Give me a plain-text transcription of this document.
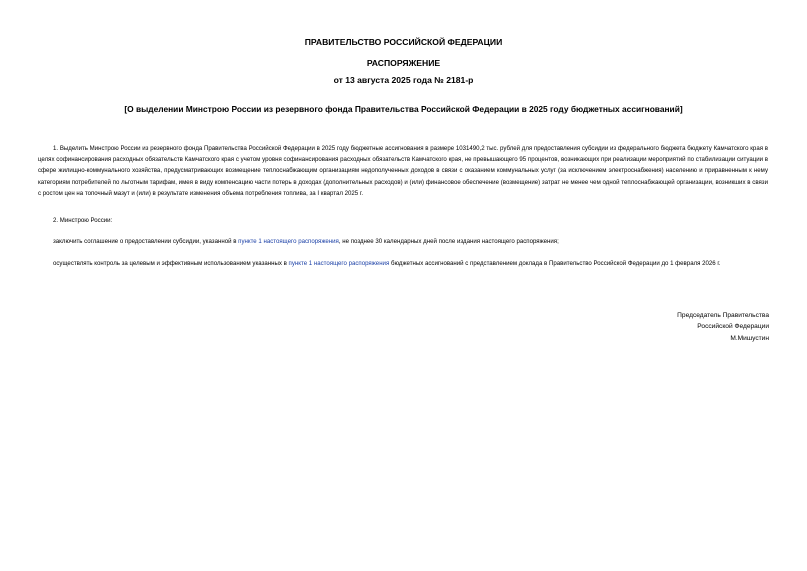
ПРАВИТЕЛЬСТВО РОССИЙСКОЙ ФЕДЕРАЦИИ
РАСПОРЯЖЕНИЕ
от 13 августа 2025 года № 2181-р
[О выделении Минстрою России из резервного фонда Правительства Российской Федерации в 2025 году бюджетных ассигнований]
1. Выделить Минстрою России из резервного фонда Правительства Российской Федерации в 2025 году бюджетные ассигнования в размере 1031490,2 тыс. рублей для предоставления субсидии из федерального бюджета бюджету Камчатского края в целях софинансирования расходных обязательств Камчатского края с учетом уровня софинансирования расходных обязательств Камчатского края, не превышающего 95 процентов, возникающих при реализации мероприятий по стабилизации ситуации в сфере жилищно-коммунального хозяйства, предусматривающих возмещение теплоснабжающим организациям недополученных доходов в связи с оказанием коммунальных услуг (за исключением электроснабжения) населению и приравненным к нему категориям потребителей по льготным тарифам, имея в виду компенсацию части потерь в доходах (дополнительных расходов) и (или) финансовое обеспечение (возмещение) затрат не менее чем одной теплоснабжающей организации, возникших в связи с ростом цен на топочный мазут и (или) в результате изменения объема потребления топлива, за I квартал 2025 г.
2. Минстрою России:
заключить соглашение о предоставлении субсидии, указанной в пункте 1 настоящего распоряжения, не позднее 30 календарных дней после издания настоящего распоряжения;
осуществлять контроль за целевым и эффективным использованием указанных в пункте 1 настоящего распоряжения бюджетных ассигнований с представлением доклада в Правительство Российской Федерации до 1 февраля 2026 г.
Председатель Правительства
Российской Федерации
М.Мишустин
